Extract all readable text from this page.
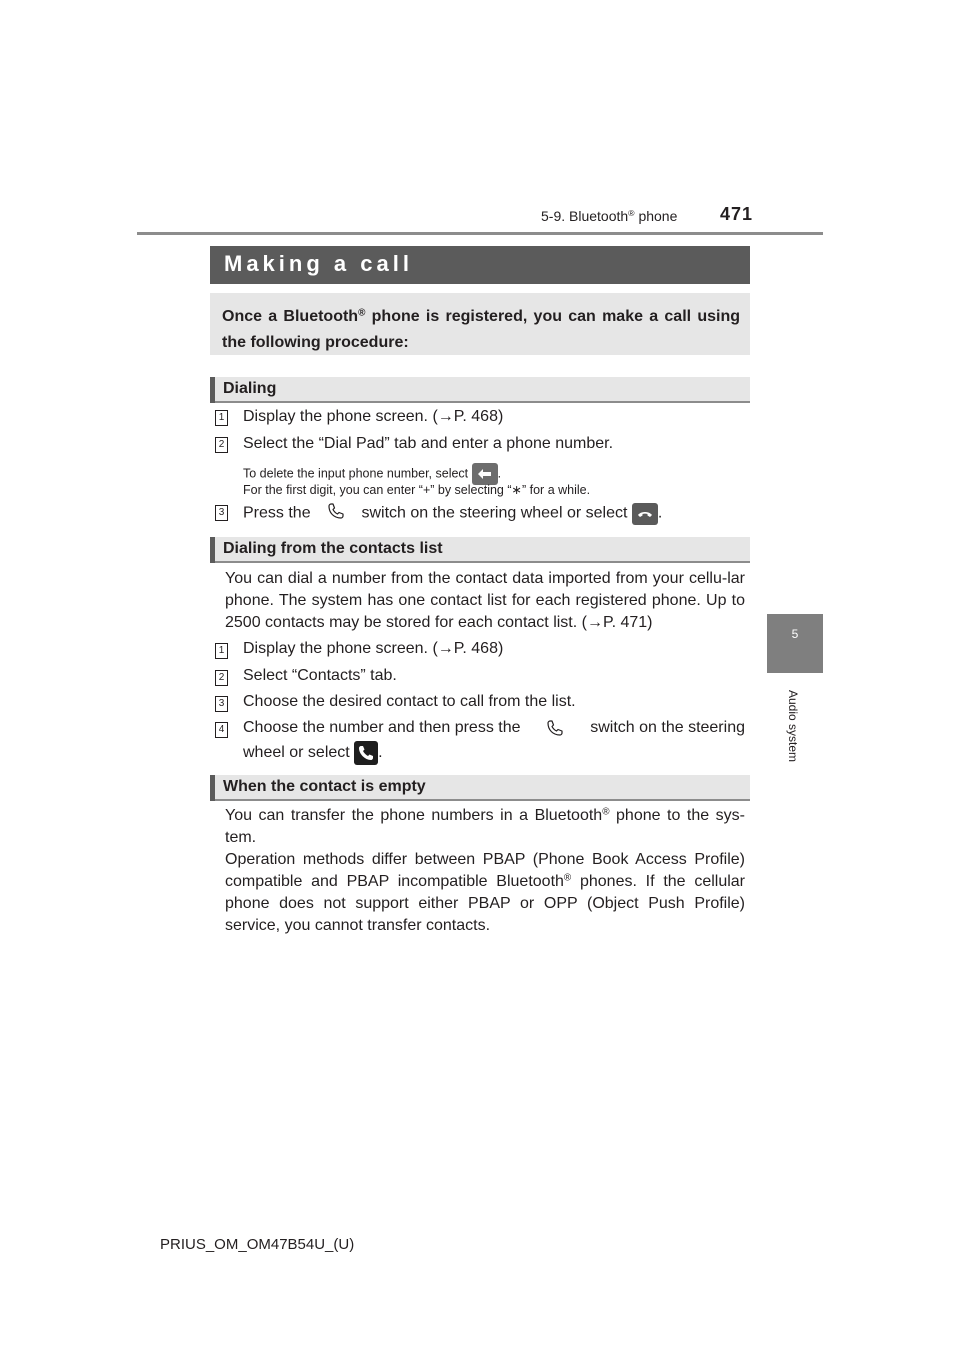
5-9. Bluetooth® phone 471
5
Audio system
Making a call
Once a Bluetooth® phone is registered, you can make a call using the following procedure:
Dialing
1 Display the phone screen. (→P. 468)
2 Select the “Dial Pad” tab and enter a phone number.
To delete the input phone number, select .
For the first digit, you can enter “+” by selecting “∗” for a while.
3 Press the	switch on the steering wheel or select .
Dialing from the contacts list
You can dial a number from the contact data imported from your cellu-lar phone. The system has one contact list for each registered phone. Up to 2500 contacts may be stored for each contact list. (→P. 471)
1 Display the phone screen. (→P. 468)
2 Select “Contacts” tab.
3 Choose the desired contact to call from the list.
4 Choose the number and then press the	switch on the steering
wheel or select .
When the contact is empty
You can transfer the phone numbers in a Bluetooth® phone to the sys-tem.
Operation methods differ between PBAP (Phone Book Access Profile) compatible and PBAP incompatible Bluetooth® phones. If the cellular phone does not support either PBAP or OPP (Object Push Profile) service, you cannot transfer contacts.
PRIUS_OM_OM47B54U_(U)
